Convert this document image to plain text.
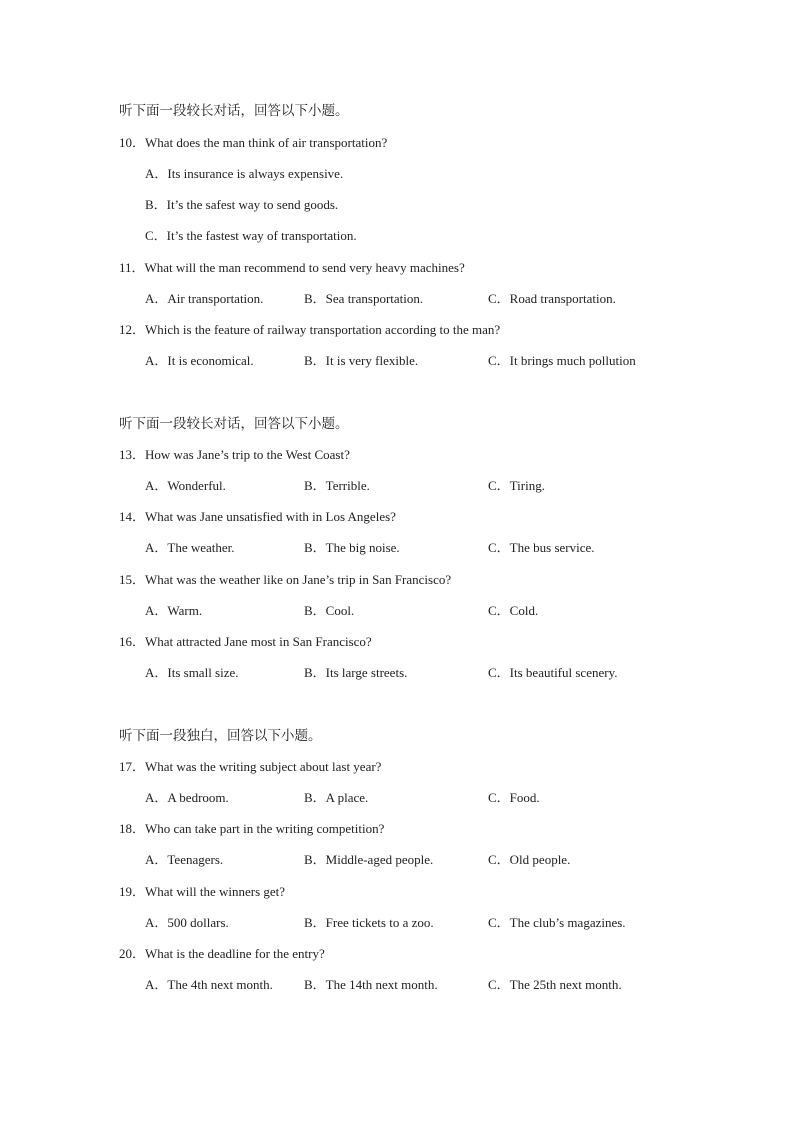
听下面一段较长对话，回答以下小题。
10．What does the man think of air transportation?
A．Its insurance is always expensive.
B．It’s the safest way to send goods.
C．It’s the fastest way of transportation.
11．What will the man recommend to send very heavy machines?
A．Air transportation.	B．Sea transportation.	C．Road transportation.
12．Which is the feature of railway transportation according to the man?
A．It is economical.	B．It is very flexible.	C．It brings much pollution
听下面一段较长对话，回答以下小题。
13．How was Jane’s trip to the West Coast?
A．Wonderful.	B．Terrible.	C．Tiring.
14．What was Jane unsatisfied with in Los Angeles?
A．The weather.	B．The big noise.	C．The bus service.
15．What was the weather like on Jane’s trip in San Francisco?
A．Warm.	B．Cool.	C．Cold.
16．What attracted Jane most in San Francisco?
A．Its small size.	B．Its large streets.	C．Its beautiful scenery.
听下面一段独白，回答以下小题。
17．What was the writing subject about last year?
A．A bedroom.	B．A place.	C．Food.
18．Who can take part in the writing competition?
A．Teenagers.	B．Middle-aged people.	C．Old people.
19．What will the winners get?
A．500 dollars.	B．Free tickets to a zoo.	C．The club’s magazines.
20．What is the deadline for the entry?
A．The 4th next month. B．The 14th next month.	C．The 25th next month.
